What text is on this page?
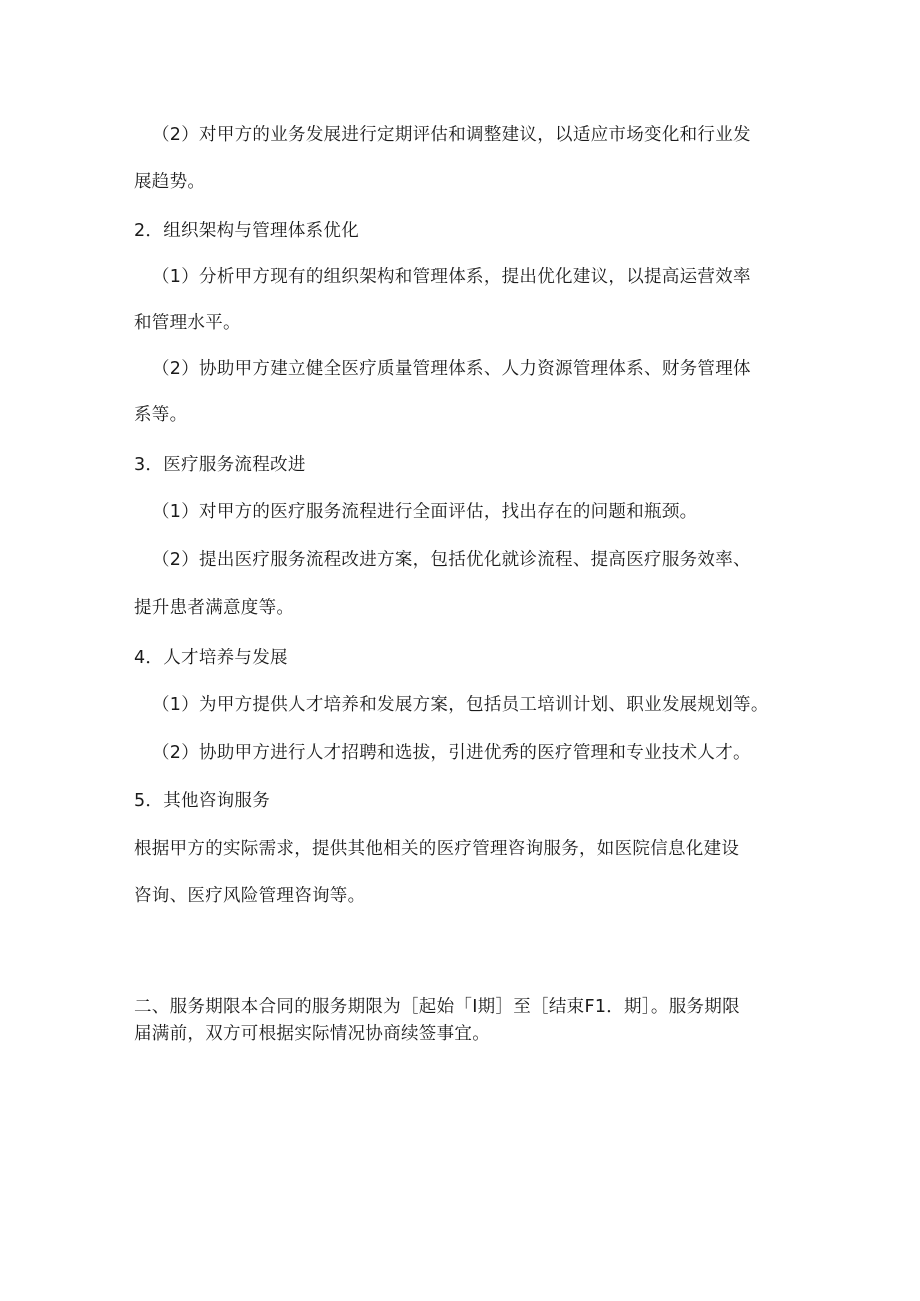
（2）对甲方的业务发展进行定期评估和调整建议，以适应市场变化和行业发
展趋势。
2．组织架构与管理体系优化
（1）分析甲方现有的组织架构和管理体系，提出优化建议，以提高运营效率
和管理水平。
（2）协助甲方建立健全医疗质量管理体系、人力资源管理体系、财务管理体
系等。
3．医疗服务流程改进
（1）对甲方的医疗服务流程进行全面评估，找出存在的问题和瓶颈。
（2）提出医疗服务流程改进方案，包括优化就诊流程、提高医疗服务效率、
提升患者满意度等。
4．人才培养与发展
（1）为甲方提供人才培养和发展方案，包括员工培训计划、职业发展规划等。
（2）协助甲方进行人才招聘和选拔，引进优秀的医疗管理和专业技术人才。
5．其他咨询服务
根据甲方的实际需求，提供其他相关的医疗管理咨询服务，如医院信息化建设
咨询、医疗风险管理咨询等。
二、服务期限本合同的服务期限为［起始「I期］至［结束F1．期］。服务期限
届满前，双方可根据实际情况协商续签事宜。
